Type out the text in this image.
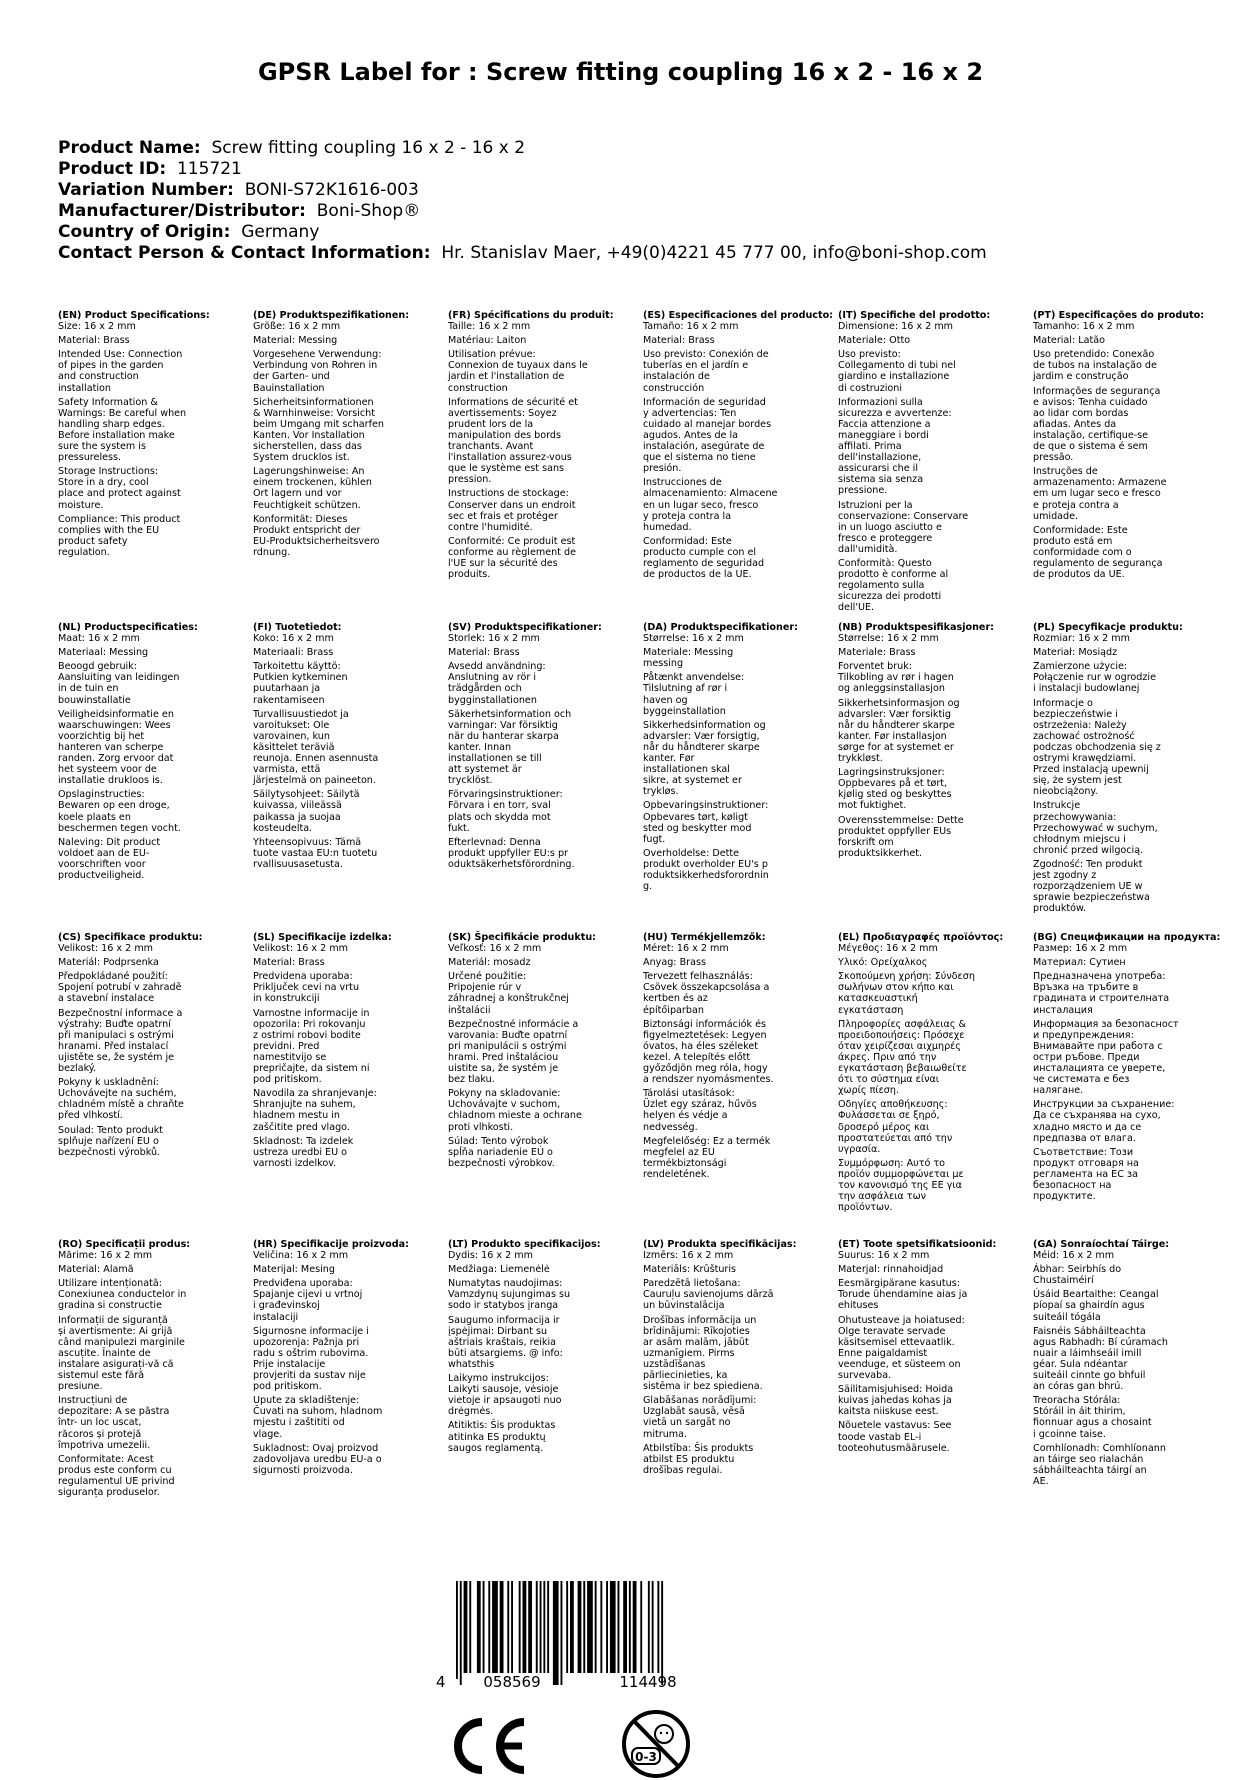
GPSR Label for : Screw fitting coupling 16 x 2 - 16 x 2
Product Name: Screw fitting coupling 16 x 2 - 16 x 2
Product ID: 115721
Variation Number: BONI-S72K1616-003
Manufacturer/Distributor: Boni-Shop®
Country of Origin: Germany
Contact Person & Contact Information: Hr. Stanislav Maer, +49(0)4221 45 777 00, info@boni-shop.com
(EN) Product Specifications:
Size: 16 x 2 mm
Material: Brass
Intended Use: Connection
of pipes in the garden
and construction
installation
Safety Information &
Warnings: Be careful when
handling sharp edges.
Before installation make
sure the system is
pressureless.
Storage Instructions:
Store in a dry, cool
place and protect against
moisture.
Compliance: This product
complies with the EU
product safety
regulation.
(DE) Produktspezifikationen:
Größe: 16 x 2 mm
Material: Messing
Vorgesehene Verwendung:
Verbindung von Rohren in
der Garten- und
Bauinstallation
Sicherheitsinformationen
& Warnhinweise: Vorsicht
beim Umgang mit scharfen
Kanten. Vor Installation
sicherstellen, dass das
System drucklos ist.
Lagerungshinweise: An
einem trockenen, kühlen
Ort lagern und vor
Feuchtigkeit schützen.
Konformität: Dieses
Produkt entspricht der
EU-Produktsicherheitsvero
rdnung.
(FR) Spécifications du produit:
Taille: 16 x 2 mm
Matériau: Laiton
Utilisation prévue:
Connexion de tuyaux dans le
jardin et l'installation de
construction
Informations de sécurité et
avertissements: Soyez
prudent lors de la
manipulation des bords
tranchants. Avant
l'installation assurez-vous
que le système est sans
pression.
Instructions de stockage:
Conserver dans un endroit
sec et frais et protéger
contre l'humidité.
Conformité: Ce produit est
conforme au règlement de
l'UE sur la sécurité des
produits.
(ES) Especificaciones del producto:
Tamaño: 16 x 2 mm
Material: Brass
Uso previsto: Conexión de
tuberías en el jardín e
instalación de
construcción
Información de seguridad
y advertencias: Ten
cuidado al manejar bordes
agudos. Antes de la
instalación, asegúrate de
que el sistema no tiene
presión.
Instrucciones de
almacenamiento: Almacene
en un lugar seco, fresco
y proteja contra la
humedad.
Conformidad: Este
producto cumple con el
reglamento de seguridad
de productos de la UE.
(IT) Specifiche del prodotto:
Dimensione: 16 x 2 mm
Materiale: Otto
Uso previsto:
Collegamento di tubi nel
giardino e installazione
di costruzioni
Informazioni sulla
sicurezza e avvertenze:
Faccia attenzione a
maneggiare i bordi
affilati. Prima
dell'installazione,
assicurarsi che il
sistema sia senza
pressione.
Istruzioni per la
conservazione: Conservare
in un luogo asciutto e
fresco e proteggere
dall'umidità.
Conformità: Questo
prodotto è conforme al
regolamento sulla
sicurezza dei prodotti
dell'UE.
(PT) Especificações do produto:
Tamanho: 16 x 2 mm
Material: Latão
Uso pretendido: Conexão
de tubos na instalação de
jardim e construção
Informações de segurança
e avisos: Tenha cuidado
ao lidar com bordas
afiadas. Antes da
instalação, certifique-se
de que o sistema é sem
pressão.
Instruções de
armazenamento: Armazene
em um lugar seco e fresco
e proteja contra a
umidade.
Conformidade: Este
produto está em
conformidade com o
regulamento de segurança
de produtos da UE.
(NL) Productspecificaties:
Maat: 16 x 2 mm
Materiaal: Messing
Beoogd gebruik:
Aansluiting van leidingen
in de tuin en
bouwinstallatie
Veiligheidsinformatie en
waarschuwingen: Wees
voorzichtig bij het
hanteren van scherpe
randen. Zorg ervoor dat
het systeem voor de
installatie drukloos is.
Opslaginstructies:
Bewaren op een droge,
koele plaats en
beschermen tegen vocht.
Naleving: Dit product
voldoet aan de EU-
voorschriften voor
productveiligheid.
(FI) Tuotetiedot:
Koko: 16 x 2 mm
Materiaali: Brass
Tarkoitettu käyttö:
Putkien kytkeminen
puutarhaan ja
rakentamiseen
Turvallisuustiedot ja
varoitukset: Ole
varovainen, kun
käsittelet teräviä
reunoja. Ennen asennusta
varmista, että
järjestelmä on paineeton.
Säilytysohjeet: Säilytä
kuivassa, viileässä
paikassa ja suojaa
kosteudelta.
Yhteensopivuus: Tämä
tuote vastaa EU:n tuotetu
rvallisuusasetusta.
(SV) Produktspecifikationer:
Storlek: 16 x 2 mm
Material: Brass
Avsedd användning:
Anslutning av rör i
trädgården och
bygginstallationen
Säkerhetsinformation och
varningar: Var försiktig
när du hanterar skarpa
kanter. Innan
installationen se till
att systemet är
trycklöst.
Förvaringsinstruktioner:
Förvara i en torr, sval
plats och skydda mot
fukt.
Efterlevnad: Denna
produkt uppfyller EU:s pr
oduktsäkerhetsförordning.
(DA) Produktspecifikationer:
Størrelse: 16 x 2 mm
Materiale: Messing
messing
Påtænkt anvendelse:
Tilslutning af rør i
haven og
byggeinstallation
Sikkerhedsinformation og
advarsler: Vær forsigtig,
når du håndterer skarpe
kanter. Før
installationen skal
sikre, at systemet er
trykløs.
Opbevaringsinstruktioner:
Opbevares tørt, køligt
sted og beskytter mod
fugt.
Overholdelse: Dette
produkt overholder EU's p
roduktsikkerhedsforordnin
g.
(NB) Produktspesifikasjoner:
Størrelse: 16 x 2 mm
Materiale: Brass
Forventet bruk:
Tilkobling av rør i hagen
og anleggsinstallasjon
Sikkerhetsinformasjon og
advarsler: Vær forsiktig
når du håndterer skarpe
kanter. Før installasjon
sørge for at systemet er
trykkløst.
Lagringsinstruksjoner:
Oppbevares på et tørt,
kjølig sted og beskyttes
mot fuktighet.
Overensstemmelse: Dette
produktet oppfyller EUs
forskrift om
produktsikkerhet.
(PL) Specyfikacje produktu:
Rozmiar: 16 x 2 mm
Materiał: Mosiądz
Zamierzone użycie:
Połączenie rur w ogrodzie
i instalacji budowlanej
Informacje o
bezpieczeństwie i
ostrzeżenia: Należy
zachować ostrożność
podczas obchodzenia się z
ostrymi krawędziami.
Przed instalacją upewnij
się, że system jest
nieobciążony.
Instrukcje
przechowywania:
Przechowywać w suchym,
chłodnym miejscu i
chronić przed wilgocią.
Zgodność: Ten produkt
jest zgodny z
rozporządzeniem UE w
sprawie bezpieczeństwa
produktów.
(CS) Specifikace produktu:
Velikost: 16 x 2 mm
Materiál: Podprsenka
Předpokládané použití:
Spojení potrubí v zahradě
a stavební instalace
Bezpečnostní informace a
výstrahy: Buďte opatrní
při manipulaci s ostrými
hranami. Před instalací
ujistěte se, že systém je
bezlaký.
Pokyny k uskladnění:
Uchovávejte na suchém,
chladném místě a chraňte
před vlhkostí.
Soulad: Tento produkt
splňuje nařízení EU o
bezpečnosti výrobků.
(SL) Specifikacije izdelka:
Velikost: 16 x 2 mm
Material: Brass
Predvidena uporaba:
Priključek cevi na vrtu
in konstrukciji
Varnostne informacije in
opozorila: Pri rokovanju
z ostrimi robovi bodite
previdni. Pred
namestitvijo se
prepričajte, da sistem ni
pod pritiskom.
Navodila za shranjevanje:
Shranjujte na suhem,
hladnem mestu in
zaščitite pred vlago.
Skladnost: Ta izdelek
ustreza uredbi EU o
varnosti izdelkov.
(SK) Špecifikácie produktu:
Veľkosť: 16 x 2 mm
Materiál: mosadz
Určené použitie:
Pripojenie rúr v
záhradnej a konštrukčnej
inštalácii
Bezpečnostné informácie a
varovania: Buďte opatrní
pri manipulácii s ostrými
hrami. Pred inštaláciou
uistite sa, že systém je
bez tlaku.
Pokyny na skladovanie:
Uchovávajte v suchom,
chladnom mieste a ochrane
proti vlhkosti.
Súlad: Tento výrobok
spĺňa nariadenie EÚ o
bezpečnosti výrobkov.
(HU) Termékjellemzők:
Méret: 16 x 2 mm
Anyag: Brass
Tervezett felhasználás:
Csövek összekapcsolása a
kertben és az
építőiparban
Biztonsági információk és
figyelmeztetések: Legyen
óvatos, ha éles széleket
kezel. A telepítés előtt
győződjön meg róla, hogy
a rendszer nyomásmentes.
Tárolási utasítások:
Üzlet egy száraz, hűvös
helyen és védje a
nedvesség.
Megfelelőség: Ez a termék
megfelel az EU
termékbiztonsági
rendeletének.
(EL) Προδιαγραφές προϊόντος:
Μέγεθος: 16 x 2 mm
Υλικό: Ορείχαλκος
Σκοπούμενη χρήση: Σύνδεση
σωλήνων στον κήπο και
κατασκευαστική
εγκατάσταση
Πληροφορίες ασφάλειας &
προειδοποιήσεις: Πρόσεχε
όταν χειρίζεσαι αιχμηρές
άκρες. Πριν από την
εγκατάσταση βεβαιωθείτε
ότι το σύστημα είναι
χωρίς πίεση.
Οδηγίες αποθήκευσης:
Φυλάσσεται σε ξηρό,
δροσερό μέρος και
προστατεύεται από την
υγρασία.
Συμμόρφωση: Αυτό το
προϊόν συμμορφώνεται με
τον κανονισμό της ΕΕ για
την ασφάλεια των
προϊόντων.
(BG) Спецификации на продукта:
Размер: 16 x 2 mm
Материал: Сутиен
Предназначена употреба:
Връзка на тръбите в
градината и строителната
инсталация
Информация за безопасност
и предупреждения:
Внимавайте при работа с
остри ръбове. Преди
инсталацията се уверете,
че системата е без
налягане.
Инструкции за съхранение:
Да се съхранява на сухо,
хладно място и да се
предпазва от влага.
Съответствие: Този
продукт отговаря на
регламента на ЕС за
безопасност на
продуктите.
(RO) Specificații produs:
Mărime: 16 x 2 mm
Material: Alamă
Utilizare intenționată:
Conexiunea conductelor in
gradina si constructie
Informații de siguranță
și avertismente: Ai grijă
când manipulezi marginile
ascuțite. Înainte de
instalare asigurați-vă că
sistemul este fără
presiune.
Instrucțiuni de
depozitare: A se păstra
într- un loc uscat,
răcoros și protejă
împotriva umezelii.
Conformitate: Acest
produs este conform cu
regulamentul UE privind
siguranța produselor.
(HR) Specifikacije proizvoda:
Veličina: 16 x 2 mm
Materijal: Mesing
Predviđena uporaba:
Spajanje cijevi u vrtnoj
i građevinskoj
instalaciji
Sigurnosne informacije i
upozorenja: Pažnja pri
radu s oštrim rubovima.
Prije instalacije
provjeriti da sustav nije
pod pritiskom.
Upute za skladištenje:
Čuvati na suhom, hladnom
mjestu i zaštititi od
vlage.
Sukladnost: Ovaj proizvod
zadovoljava uredbu EU-a o
sigurnosti proizvoda.
(LT) Produkto specifikacijos:
Dydis: 16 x 2 mm
Medžiaga: Liemenėlė
Numatytas naudojimas:
Vamzdynų sujungimas su
sodo ir statybos įranga
Saugumo informacija ir
įspėjimai: Dirbant su
aštriais kraštais, reikia
būti atsargiems. @ info:
whatsthis
Laikymo instrukcijos:
Laikyti sausoje, vėsioje
vietoje ir apsaugoti nuo
drėgmės.
Atitiktis: Šis produktas
atitinka ES produktų
saugos reglamentą.
(LV) Produkta specifikācijas:
Izmērs: 16 x 2 mm
Materiāls: Krūšturis
Paredzētā lietošana:
Cauruļu savienojums dārzā
un būvinstalācija
Drošības informācija un
brīdinājumi: Rīkojoties
ar asām malām, jābūt
uzmanīgiem. Pirms
uzstādīšanas
pārliecinieties, ka
sistēma ir bez spiediena.
Glabāšanas norādījumi:
Uzglabāt sausā, vēsā
vietā un sargāt no
mitruma.
Atbilstība: Šis produkts
atbilst ES produktu
drošības regulai.
(ET) Toote spetsifikatsioonid:
Suurus: 16 x 2 mm
Materjal: rinnahoidjad
Eesmärgipärane kasutus:
Torude ühendamine aias ja
ehituses
Ohutusteave ja hoiatused:
Olge teravate servade
käsitsemisel ettevaatlik.
Enne paigaldamist
veenduge, et süsteem on
survevaba.
Säilitamisjuhised: Hoida
kuivas jahedas kohas ja
kaitsta niiskuse eest.
Nõuetele vastavus: See
toode vastab EL-i
tooteohutusmäärusele.
(GA) Sonraíochtaí Táirge:
Méid: 16 x 2 mm
Ábhar: Seirbhís do
Chustaiméirí
Úsáid Beartaithe: Ceangal
píopaí sa ghairdín agus
suiteáil tógála
Faisnéis Sábháilteachta
agus Rabhadh: Bí cúramach
nuair a láimhseáil imill
géar. Sula ndéantar
suiteáil cinnte go bhfuil
an córas gan bhrú.
Treoracha Stórála:
Stóráil in áit thirim,
fionnuar agus a chosaint
i gcoinne taise.
Comhlíonadh: Comhlíonann
an táirge seo rialachán
sábháilteachta táirgí an
AE.
4	058569	114498
0-3
